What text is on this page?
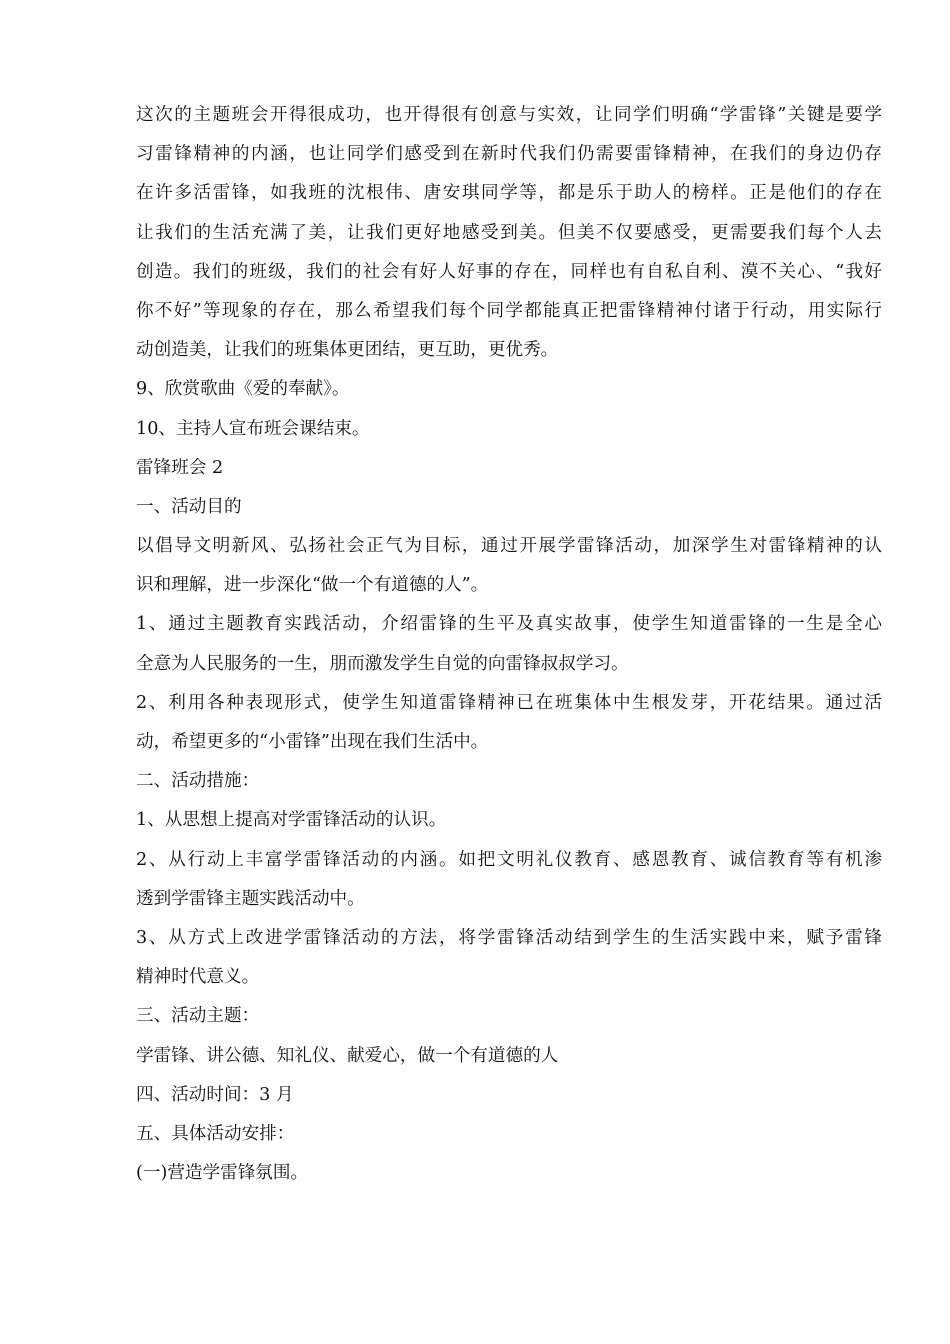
这次的主题班会开得很成功，也开得很有创意与实效，让同学们明确“学雷锋”关键是要学
习雷锋精神的内涵，也让同学们感受到在新时代我们仍需要雷锋精神，在我们的身边仍存
在许多活雷锋，如我班的沈根伟、唐安琪同学等，都是乐于助人的榜样。正是他们的存在
让我们的生活充满了美，让我们更好地感受到美。但美不仅要感受，更需要我们每个人去
创造。我们的班级，我们的社会有好人好事的存在，同样也有自私自利、漠不关心、“我好
你不好”等现象的存在，那么希望我们每个同学都能真正把雷锋精神付诸于行动，用实际行
动创造美，让我们的班集体更团结，更互助，更优秀。
9、欣赏歌曲《爱的奉献》。
10、主持人宣布班会课结束。
雷锋班会 2
一、活动目的
以倡导文明新风、弘扬社会正气为目标，通过开展学雷锋活动，加深学生对雷锋精神的认
识和理解，进一步深化“做一个有道德的人”。
1、通过主题教育实践活动，介绍雷锋的生平及真实故事，使学生知道雷锋的一生是全心
全意为人民服务的一生，朋而激发学生自觉的向雷锋叔叔学习。
2、利用各种表现形式，使学生知道雷锋精神已在班集体中生根发芽，开花结果。通过活
动，希望更多的“小雷锋”出现在我们生活中。
二、活动措施：
1、从思想上提高对学雷锋活动的认识。
2、从行动上丰富学雷锋活动的内涵。如把文明礼仪教育、感恩教育、诚信教育等有机渗
透到学雷锋主题实践活动中。
3、从方式上改进学雷锋活动的方法，将学雷锋活动结到学生的生活实践中来，赋予雷锋
精神时代意义。
三、活动主题：
学雷锋、讲公德、知礼仪、献爱心，做一个有道德的人
四、活动时间：3 月
五、具体活动安排：
(一)营造学雷锋氛围。
